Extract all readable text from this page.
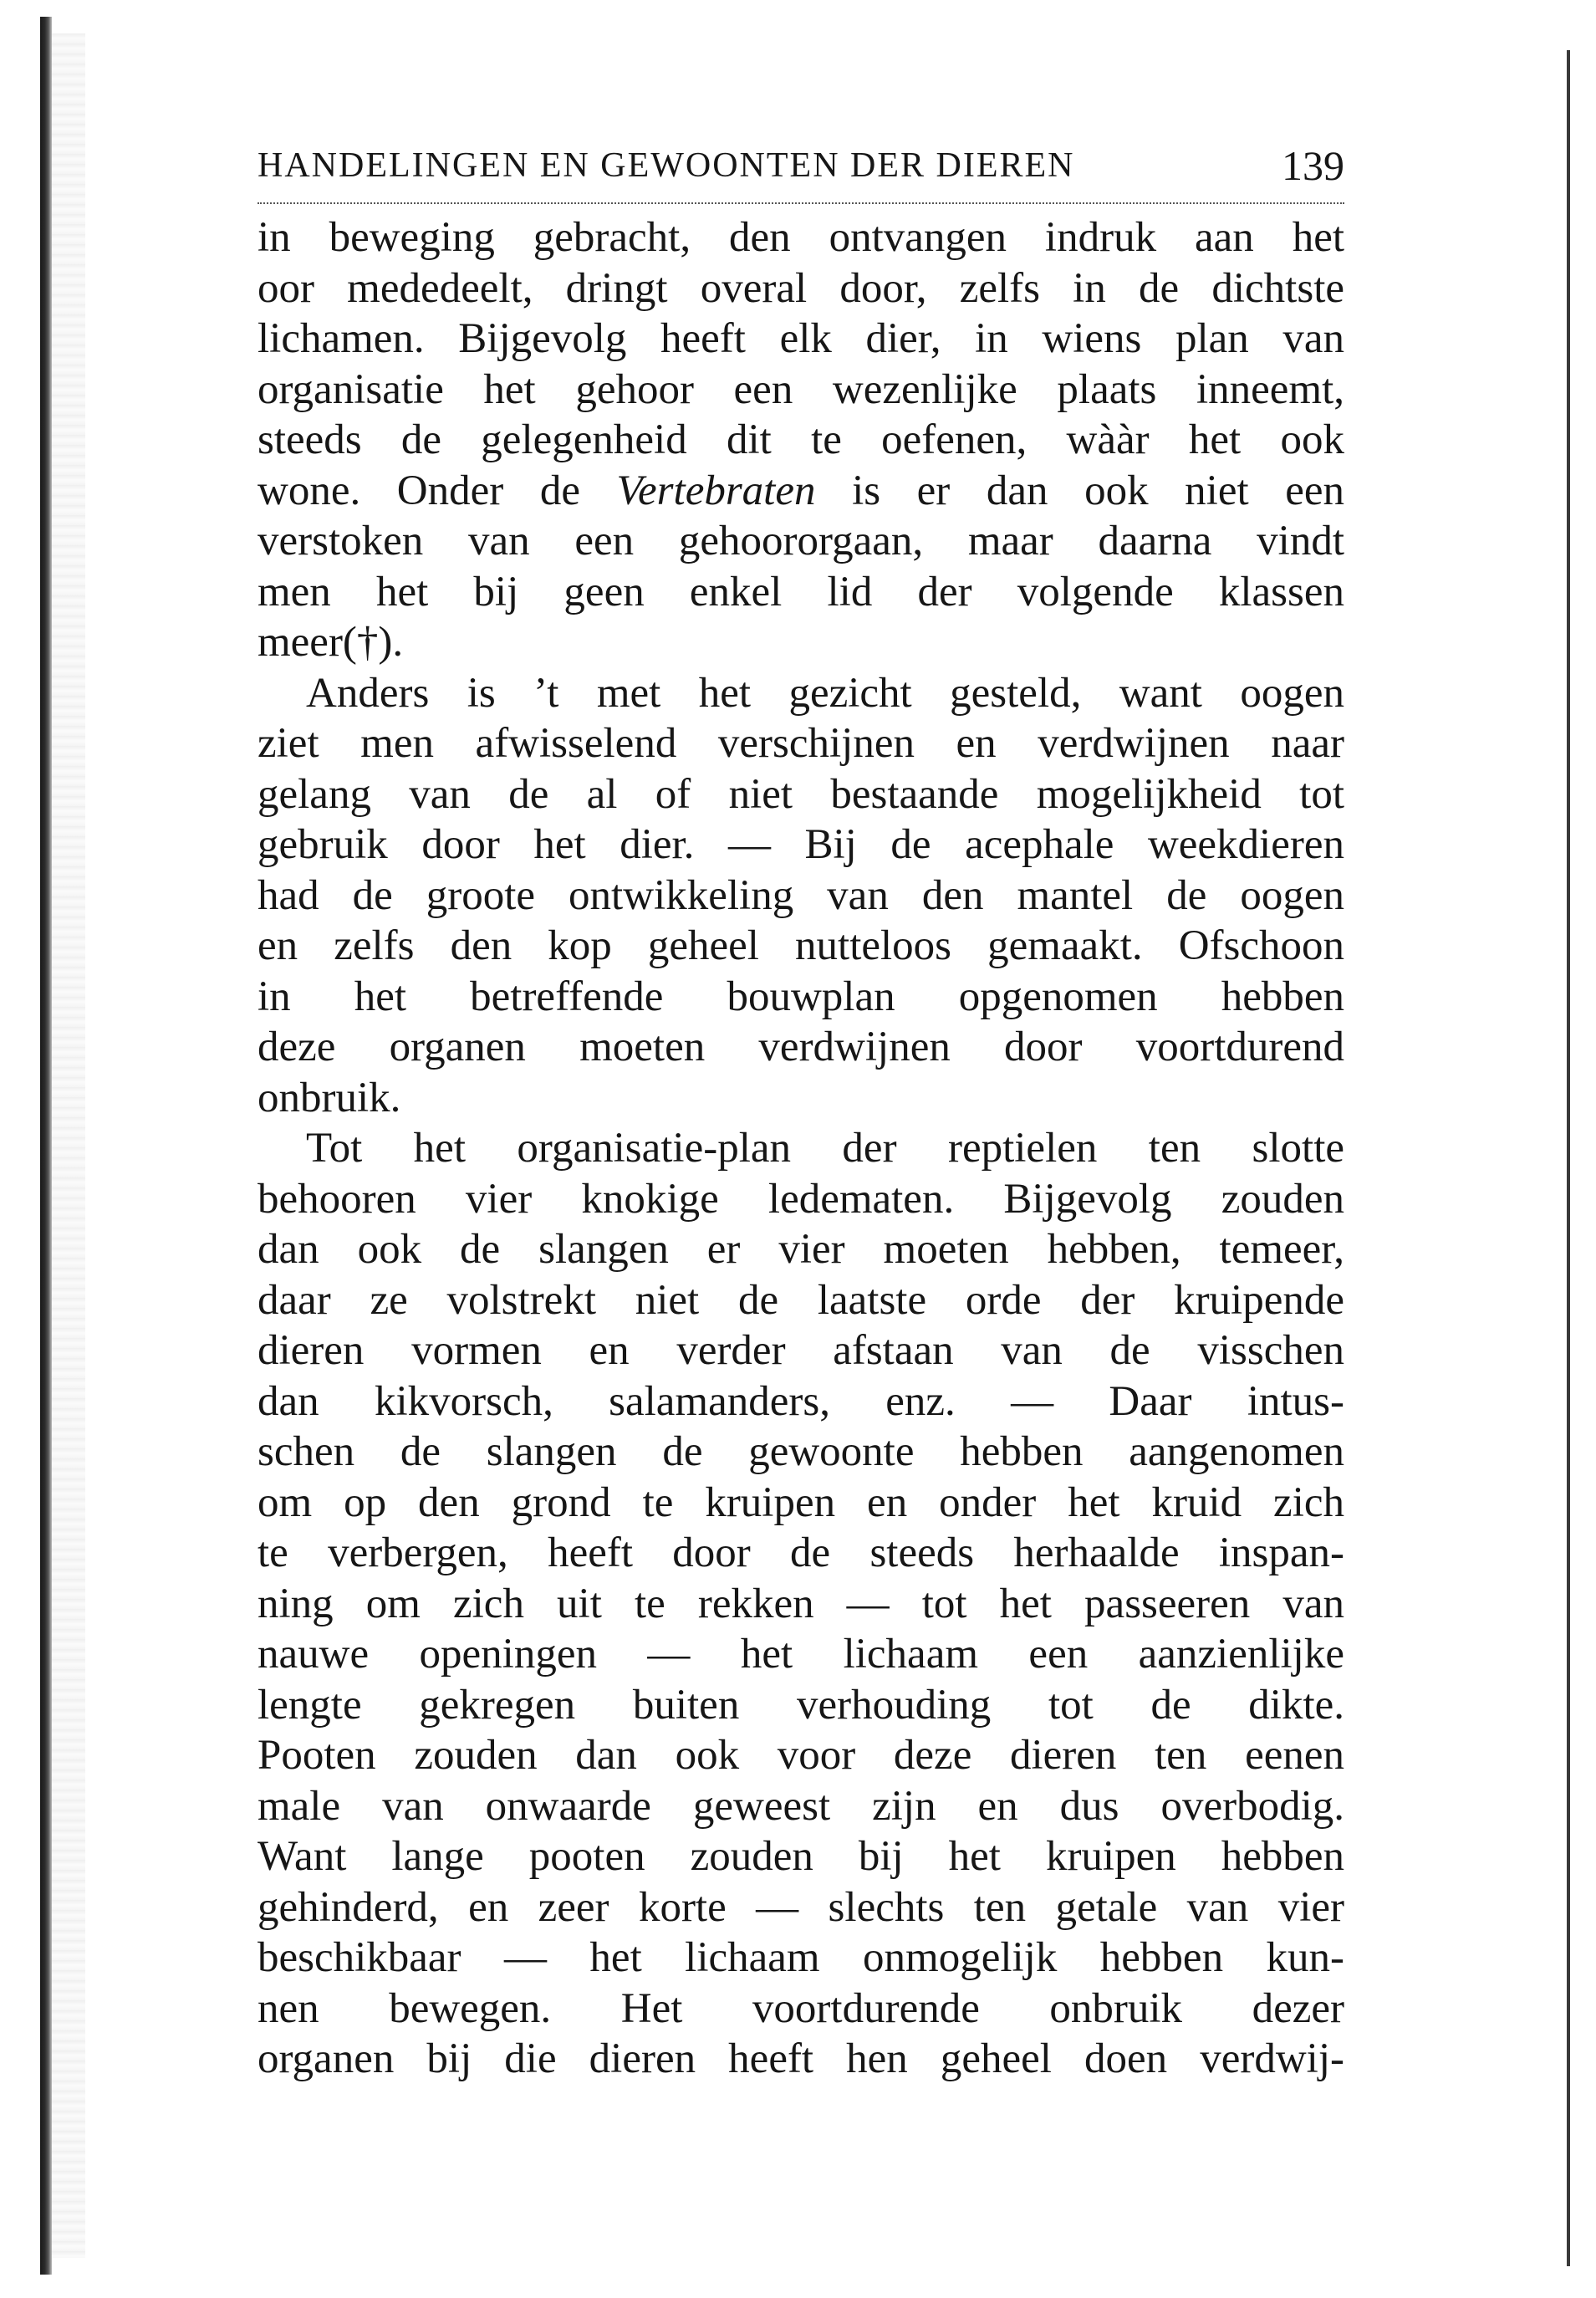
HANDELINGEN EN GEWOONTEN DER DIEREN	139
in beweging gebracht, den ontvangen indruk aan het
oor mededeelt, dringt overal door, zelfs in de dichtste
lichamen. Bijgevolg heeft elk dier, in wiens plan van
organisatie het gehoor een wezenlijke plaats inneemt,
steeds de gelegenheid dit te oefenen, wààr het ook
wone. Onder de Vertebraten is er dan ook niet een
verstoken van een gehoororgaan, maar daarna vindt
men het bij geen enkel lid der volgende klassen
meer(†).
Anders is ’t met het gezicht gesteld, want oogen
ziet men afwisselend verschijnen en verdwijnen naar
gelang van de al of niet bestaande mogelijkheid tot
gebruik door het dier. — Bij de acephale weekdieren
had de groote ontwikkeling van den mantel de oogen
en zelfs den kop geheel nutteloos gemaakt. Ofschoon
in het betreffende bouwplan opgenomen hebben
deze organen moeten verdwijnen door voortdurend
onbruik.
Tot het organisatie-plan der reptielen ten slotte
behooren vier knokige ledematen. Bijgevolg zouden
dan ook de slangen er vier moeten hebben, temeer,
daar ze volstrekt niet de laatste orde der kruipende
dieren vormen en verder afstaan van de visschen
dan kikvorsch, salamanders, enz. — Daar intus-
schen de slangen de gewoonte hebben aangenomen
om op den grond te kruipen en onder het kruid zich
te verbergen, heeft door de steeds herhaalde inspan-
ning om zich uit te rekken — tot het passeeren van
nauwe openingen — het lichaam een aanzienlijke
lengte gekregen buiten verhouding tot de dikte.
Pooten zouden dan ook voor deze dieren ten eenen
male van onwaarde geweest zijn en dus overbodig.
Want lange pooten zouden bij het kruipen hebben
gehinderd, en zeer korte — slechts ten getale van vier
beschikbaar — het lichaam onmogelijk hebben kun-
nen bewegen. Het voortdurende onbruik dezer
organen bij die dieren heeft hen geheel doen verdwij-
